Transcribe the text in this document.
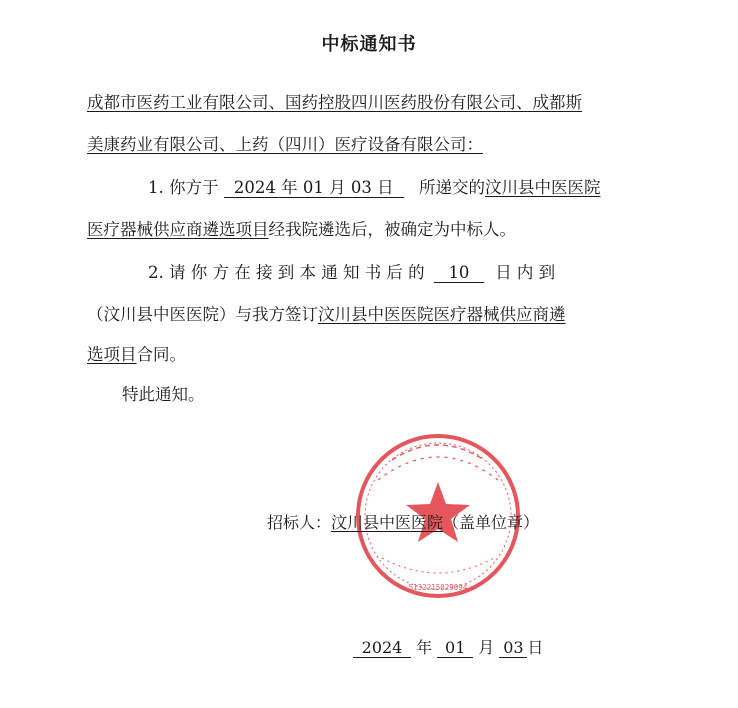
中标通知书
成都市医药工业有限公司、国药控股四川医药股份有限公司、成都斯
美康药业有限公司、上药（四川）医疗设备有限公司：
1. 你方于 2024 年 01 月 03 日 所递交的汶川县中医医院
医疗器械供应商遴选项目经我院遴选后，被确定为中标人。
2. 请 你 方 在 接 到 本 通 知 书 后 的 10 日 内 到
（汶川县中医医院）与我方签订汶川县中医医院医疗器械供应商遴
选项目合同。
特此通知。
5132215029094
招标人：汶川县中医医院（盖单位章）
2024 年 01 月 03 日
